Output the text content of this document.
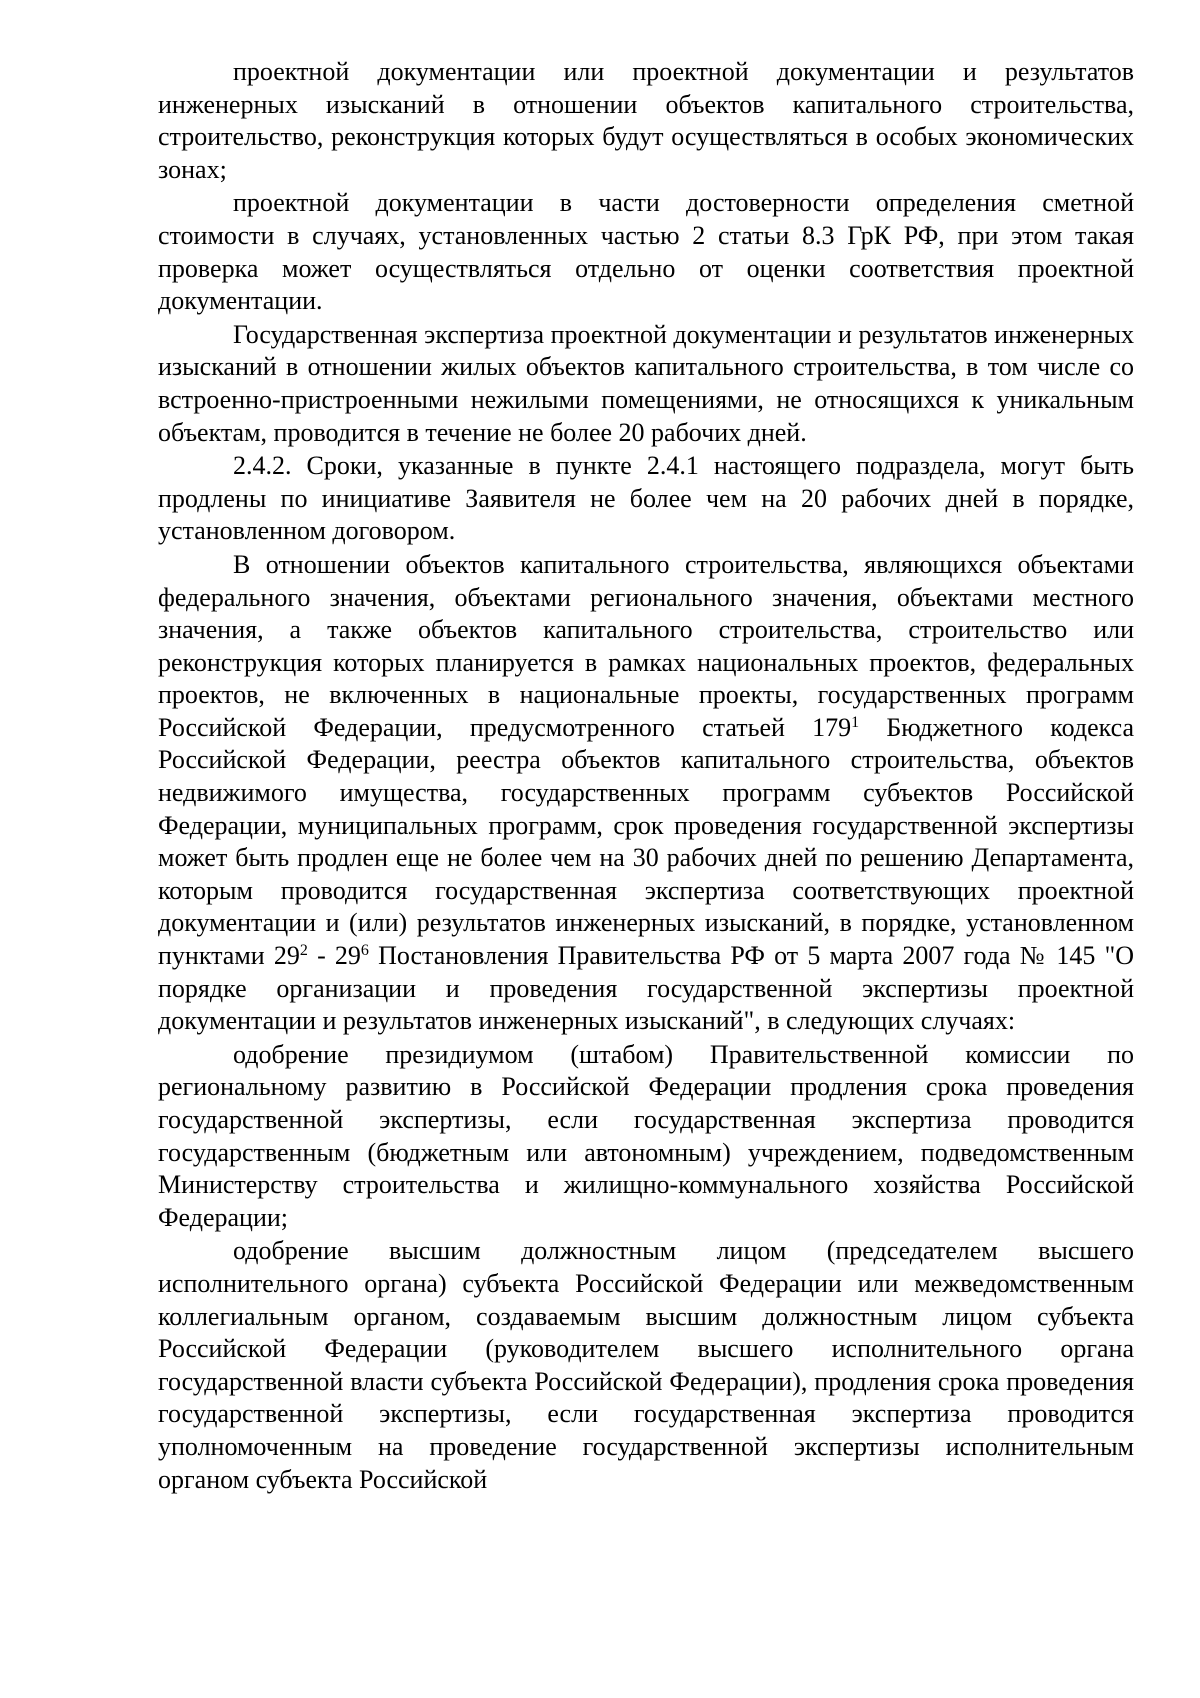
проектной документации или проектной документации и результатов инженерных изысканий в отношении объектов капитального строительства, строительство, реконструкция которых будут осуществляться в особых экономических зонах;

проектной документации в части достоверности определения сметной стоимости в случаях, установленных частью 2 статьи 8.3 ГрК РФ, при этом такая проверка может осуществляться отдельно от оценки соответствия проектной документации.

Государственная экспертиза проектной документации и результатов инженерных изысканий в отношении жилых объектов капитального строительства, в том числе со встроенно-пристроенными нежилыми помещениями, не относящихся к уникальным объектам, проводится в течение не более 20 рабочих дней.

2.4.2. Сроки, указанные в пункте 2.4.1 настоящего подраздела, могут быть продлены по инициативе Заявителя не более чем на 20 рабочих дней в порядке, установленном договором.

В отношении объектов капитального строительства, являющихся объектами федерального значения, объектами регионального значения, объектами местного значения, а также объектов капитального строительства, строительство или реконструкция которых планируется в рамках национальных проектов, федеральных проектов, не включенных в национальные проекты, государственных программ Российской Федерации, предусмотренного статьей $179^1$ Бюджетного кодекса Российской Федерации, реестра объектов капитального строительства, объектов недвижимого имущества, государственных программ субъектов Российской Федерации, муниципальных программ, срок проведения государственной экспертизы может быть продлен еще не более чем на 30 рабочих дней по решению Департамента, которым проводится государственная экспертиза соответствующих проектной документации и (или) результатов инженерных изысканий, в порядке, установленном пунктами $29^2 - 29^6$ Постановления Правительства РФ от 5 марта 2007 года № 145 "О порядке организации и проведения государственной экспертизы проектной документации и результатов инженерных изысканий", в следующих случаях:

одобрение президиумом (штабом) Правительственной комиссии по региональному развитию в Российской Федерации продления срока проведения государственной экспертизы, если государственная экспертиза проводится государственным (бюджетным или автономным) учреждением, подведомственным Министерству строительства и жилищно-коммунального хозяйства Российской Федерации;

одобрение высшим должностным лицом (председателем высшего исполнительного органа) субъекта Российской Федерации или межведомственным коллегиальным органом, создаваемым высшим должностным лицом субъекта Российской Федерации (руководителем высшего исполнительного органа государственной власти субъекта Российской Федерации), продления срока проведения государственной экспертизы, если государственная экспертиза проводится уполномоченным на проведение государственной экспертизы исполнительным органом субъекта Российской
